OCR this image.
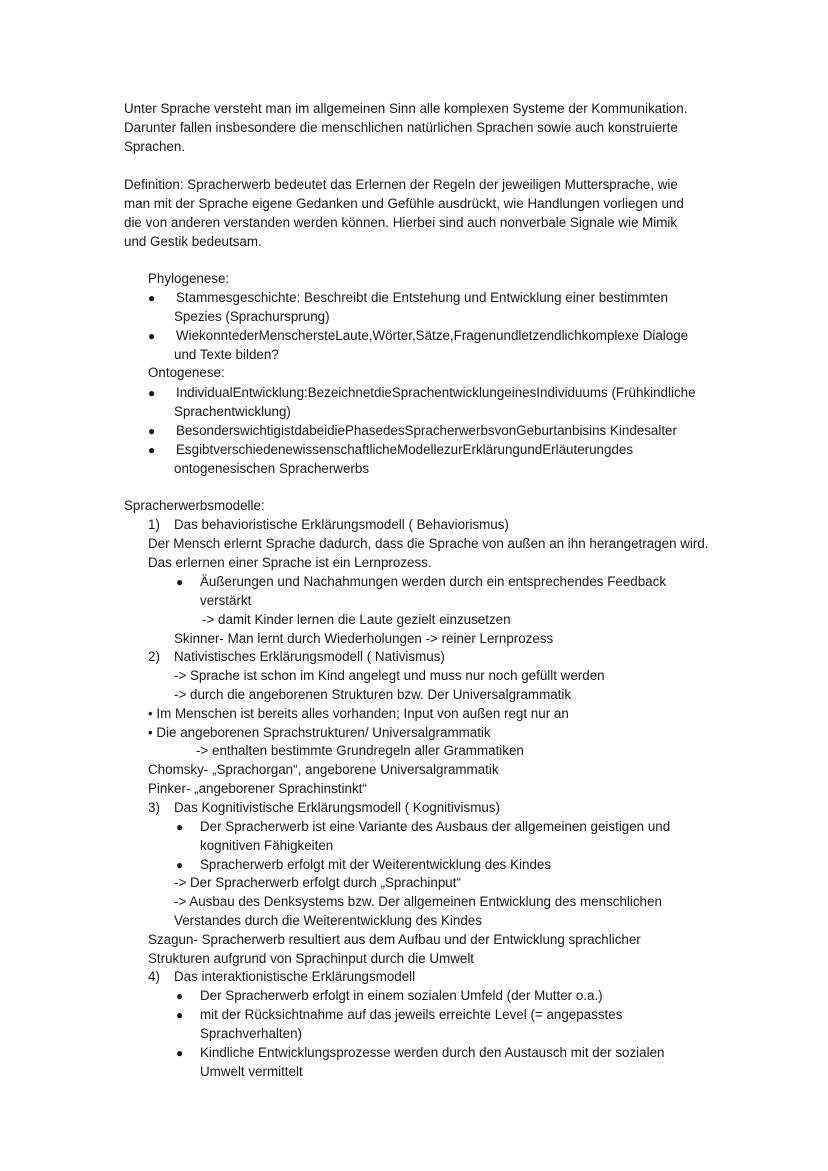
Unter Sprache versteht man im allgemeinen Sinn alle komplexen Systeme der Kommunikation.
Darunter fallen insbesondere die menschlichen natürlichen Sprachen sowie auch konstruierte
Sprachen.
Definition: Spracherwerb bedeutet das Erlernen der Regeln der jeweiligen Muttersprache, wie
man mit der Sprache eigene Gedanken und Gefühle ausdrückt, wie Handlungen vorliegen und
die von anderen verstanden werden können. Hierbei sind auch nonverbale Signale wie Mimik
und Gestik bedeutsam.
Phylogenese:
● Stammesgeschichte: Beschreibt die Entstehung und Entwicklung einer bestimmten
Spezies (Sprachursprung)
● WiekonntederMenscherste​Laute,Wörter,Sätze,Fragenundletzendlichkomplexe Dialoge
und Texte bilden?
Ontogenese:
● IndividualEntwicklung:BezeichnetdieSprachentwicklungeinesIndividuums (Frühkindliche
Sprachentwicklung)
● BesonderswichtigistdabeidiePhasedesSpracherwerbsvonGeburtanbisins Kindesalter
● EsgibtverschiedenewissenschaftlicheModellezurErklärungundErläuterungdes
ontogenesischen Spracherwerbs
Spracherwerbsmodelle:
1) Das behavioristische Erklärungsmodell ( Behaviorismus)
Der Mensch erlernt Sprache dadurch, dass die Sprache von außen an ihn herangetragen wird.
Das erlernen einer Sprache ist ein Lernprozess.
● Äußerungen und Nachahmungen werden durch ein entsprechendes Feedback
verstärkt
-> damit Kinder lernen die Laute gezielt einzusetzen
Skinner- Man lernt durch Wiederholungen -> reiner Lernprozess
2) Nativistisches Erklärungsmodell ( Nativismus)
-> Sprache ist schon im Kind angelegt und muss nur noch gefüllt werden
-> durch die angeborenen Strukturen bzw. Der Universalgrammatik
• Im Menschen ist bereits alles vorhanden; Input von außen regt nur an
• Die angeborenen Sprachstrukturen/ Universalgrammatik
-> enthalten bestimmte Grundregeln aller Grammatiken
Chomsky- „Sprachorgan“, angeborene Universalgrammatik
Pinker- „angeborener Sprachinstinkt“
3) Das Kognitivistische Erklärungsmodell ( Kognitivismus)
● Der Spracherwerb ist eine Variante des Ausbaus der allgemeinen geistigen und
kognitiven Fähigkeiten
● Spracherwerb erfolgt mit der Weiterentwicklung des Kindes
-> Der Spracherwerb erfolgt durch „Sprachinput“
-> Ausbau des Denksystems bzw. Der allgemeinen Entwicklung des menschlichen
Verstandes durch die Weiterentwicklung des Kindes
Szagun- Spracherwerb resultiert aus dem Aufbau und der Entwicklung sprachlicher
Strukturen aufgrund von Sprachinput durch die Umwelt
4) Das interaktionistische Erklärungsmodell
● Der Spracherwerb erfolgt in einem sozialen Umfeld (der Mutter o.a.)
● mit der Rücksichtnahme auf das jeweils erreichte Level (= angepasstes
Sprachverhalten)
● Kindliche Entwicklungsprozesse werden durch den Austausch mit der sozialen
Umwelt vermittelt
